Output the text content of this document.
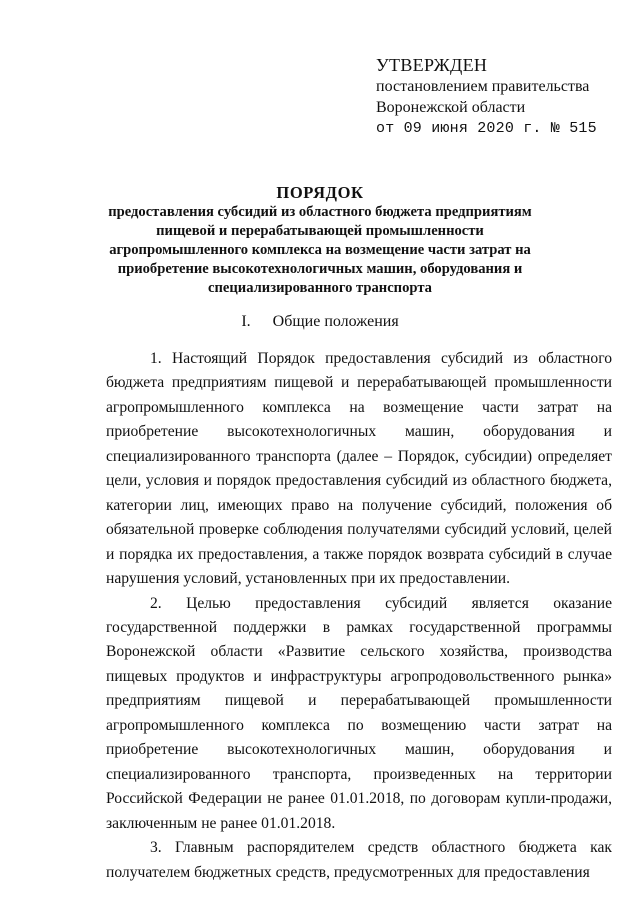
УТВЕРЖДЕН
постановлением правительства
Воронежской области
от 09 июня 2020 г. № 515
ПОРЯДОК
предоставления субсидий из областного бюджета предприятиям пищевой и перерабатывающей промышленности агропромышленного комплекса на возмещение части затрат на приобретение высокотехнологичных машин, оборудования и специализированного транспорта
I. Общие положения

1. Настоящий Порядок предоставления субсидий из областного бюджета предприятиям пищевой и перерабатывающей промышленности агропромышленного комплекса на возмещение части затрат на приобретение высокотехнологичных машин, оборудования и специализированного транспорта (далее – Порядок, субсидии) определяет цели, условия и порядок предоставления субсидий из областного бюджета, категории лиц, имеющих право на получение субсидий, положения об обязательной проверке соблюдения получателями субсидий условий, целей и порядка их предоставления, а также порядок возврата субсидий в случае нарушения условий, установленных при их предоставлении.

2. Целью предоставления субсидий является оказание государственной поддержки в рамках государственной программы Воронежской области «Развитие сельского хозяйства, производства пищевых продуктов и инфраструктуры агропродовольственного рынка» предприятиям пищевой и перерабатывающей промышленности агропромышленного комплекса по возмещению части затрат на приобретение высокотехнологичных машин, оборудования и специализированного транспорта, произведенных на территории Российской Федерации не ранее 01.01.2018, по договорам купли-продажи, заключенным не ранее 01.01.2018.

3. Главным распорядителем средств областного бюджета как получателем бюджетных средств, предусмотренных для предоставления
